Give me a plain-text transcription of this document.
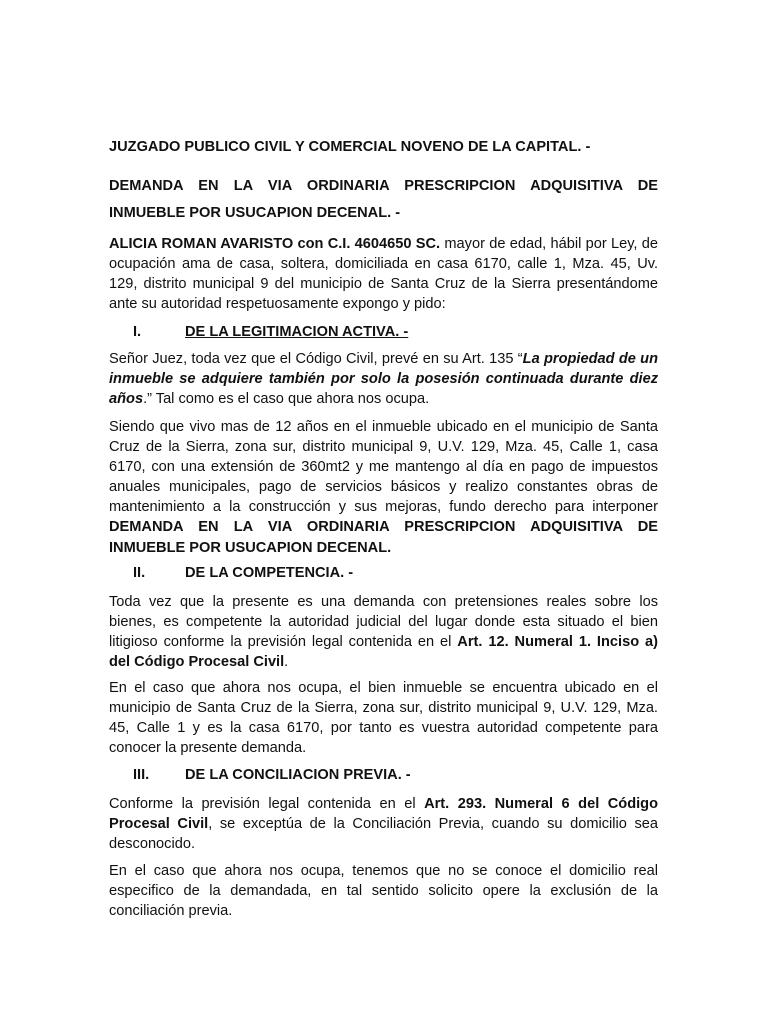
JUZGADO PUBLICO CIVIL Y COMERCIAL NOVENO DE LA CAPITAL. -
DEMANDA EN LA VIA ORDINARIA PRESCRIPCION ADQUISITIVA DE INMUEBLE POR USUCAPION DECENAL. -

ALICIA ROMAN AVARISTO con C.I. 4604650 SC. mayor de edad, hábil por Ley, de ocupación ama de casa, soltera, domiciliada en casa 6170, calle 1, Mza. 45, Uv. 129, distrito municipal 9 del municipio de Santa Cruz de la Sierra presentándome ante su autoridad respetuosamente expongo y pido:

I.	DE LA LEGITIMACION ACTIVA. -

Señor Juez, toda vez que el Código Civil, prevé en su Art. 135 “La propiedad de un inmueble se adquiere también por solo la posesión continuada durante diez años.” Tal como es el caso que ahora nos ocupa.

Siendo que vivo mas de 12 años en el inmueble ubicado en el municipio de Santa Cruz de la Sierra, zona sur, distrito municipal 9, U.V. 129, Mza. 45, Calle 1, casa 6170, con una extensión de 360mt2 y me mantengo al día en pago de impuestos anuales municipales, pago de servicios básicos y realizo constantes obras de mantenimiento a la construcción y sus mejoras, fundo derecho para interponer DEMANDA EN LA VIA ORDINARIA PRESCRIPCION ADQUISITIVA DE INMUEBLE POR USUCAPION DECENAL.

II.	DE LA COMPETENCIA. -

Toda vez que la presente es una demanda con pretensiones reales sobre los bienes, es competente la autoridad judicial del lugar donde esta situado el bien litigioso conforme la previsión legal contenida en el Art. 12. Numeral 1. Inciso a) del Código Procesal Civil.

En el caso que ahora nos ocupa, el bien inmueble se encuentra ubicado en el municipio de Santa Cruz de la Sierra, zona sur, distrito municipal 9, U.V. 129, Mza. 45, Calle 1 y es la casa 6170, por tanto es vuestra autoridad competente para conocer la presente demanda.

III. DE LA CONCILIACION PREVIA. -

Conforme la previsión legal contenida en el Art. 293. Numeral 6 del Código Procesal Civil, se exceptúa de la Conciliación Previa, cuando su domicilio sea desconocido.

En el caso que ahora nos ocupa, tenemos que no se conoce el domicilio real especifico de la demandada, en tal sentido solicito opere la exclusión de la conciliación previa.
